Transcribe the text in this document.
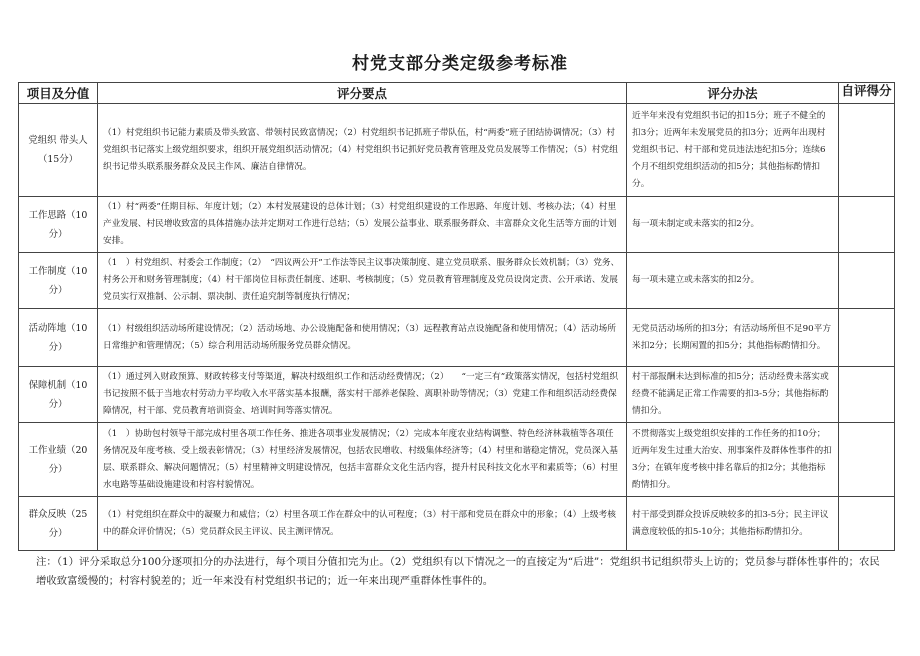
村党支部分类定级参考标准
项目及分值	评分要点	评分办法	自评得分
党组织 带头人（15分）	（1）村党组织书记能力素质及带头致富、带领村民致富情况；（2）村党组织书记抓班子带队伍，村“两委”班子团结协调情况；（3）村党组织书记落实上级党组织要求，组织开展党组织活动情况；（4）村党组织书记抓好党员教育管理及党员发展等工作情况；（5）村党组织书记带头联系服务群众及民主作风、廉洁自律情况。	近半年来没有党组织书记的扣15分；班子不健全的扣3分；近两年未发展党员的扣3分；近两年出现村党组织书记、村干部和党员违法违纪扣5分；连续6个月不组织党组织活动的扣5分；其他指标酌情扣分。	
工作思路（10分）	（1）村“两委”任期目标、年度计划；（2）本村发展建设的总体计划；（3）村党组织建设的工作思路、年度计划、考核办法；（4）村里产业发展、村民增收致富的具体措施办法并定期对工作进行总结；（5）发展公益事业、联系服务群众、丰富群众文化生活等方面的计划安排。	每一项未制定或未落实的扣2分。	
工作制度（10分）	（1　）村党组织、村委会工作制度；（2）　“四议两公开”工作法等民主议事决策制度、建立党员联系、服务群众长效机制；（3）党务、村务公开和财务管理制度；（4）村干部岗位目标责任制度、述职、考核制度；（5）党员教育管理制度及党员设岗定责、公开承诺、发展党员实行双推制、公示制、票决制、责任追究制等制度执行情况；	每一项未建立或未落实的扣2分。	
活动阵地（10分）	（1）村级组织活动场所建设情况；（2）活动场地、办公设施配备和使用情况；（3）远程教育站点设施配备和使用情况；（4）活动场所日常维护和管理情况；（5）综合利用活动场所服务党员群众情况。	无党员活动场所的扣3分；有活动场所但不足90平方米扣2分；长期闲置的扣5分；其他指标酌情扣分。	
保障机制（10分）	（1）通过列入财政预算、财政转移支付等渠道，解决村级组织工作和活动经费情况；（2）　　“一定三有”政策落实情况，包括村党组织书记按照不低于当地农村劳动力平均收入水平落实基本报酬，落实村干部养老保险、离职补助等情况；（3）党建工作和组织活动经费保障情况，村干部、党员教育培训资金、培训时间等落实情况。	村干部报酬未达到标准的扣5分；活动经费未落实或经费不能满足正常工作需要的扣3-5分；其他指标酌情扣分。	
工作业绩（20分）	（1　）协助包村领导干部完成村里各项工作任务、推进各项事业发展情况；（2）完成本年度农业结构调整、特色经济林栽植等各项任务情况及年度考核、受上级表彰情况；（3）村里经济发展情况，包括农民增收、村级集体经济等；（4）村里和谐稳定情况，党员深入基层、联系群众、解决问题情况；（5）村里精神文明建设情况，包括丰富群众文化生活内容，提升村民科技文化水平和素质等；（6）村里水电路等基础设施建设和村容村貌情况。	不贯彻落实上级党组织安排的工作任务的扣10分；近两年发生过重大治安、刑事案件及群体性事件的扣3分；在镇年度考核中排名靠后的扣2分；其他指标酌情扣分。	
群众反映（25分）	（1）村党组织在群众中的凝聚力和威信；（2）村里各项工作在群众中的认可程度；（3）村干部和党员在群众中的形象；（4）上级考核中的群众评价情况；（5）党员群众民主评议、民主测评情况。	村干部受到群众投诉反映较多的扣3-5分；民主评议满意度较低的扣5-10分；其他指标酌情扣分。	
注：（1）评分采取总分100分逐项扣分的办法进行，每个项目分值扣完为止。（2）党组织有以下情况之一的直接定为“后进”：党组织书记组织带头上访的；党员参与群体性事件的；农民增收致富缓慢的；村容村貌差的；近一年来没有村党组织书记的；近一年来出现严重群体性事件的。
